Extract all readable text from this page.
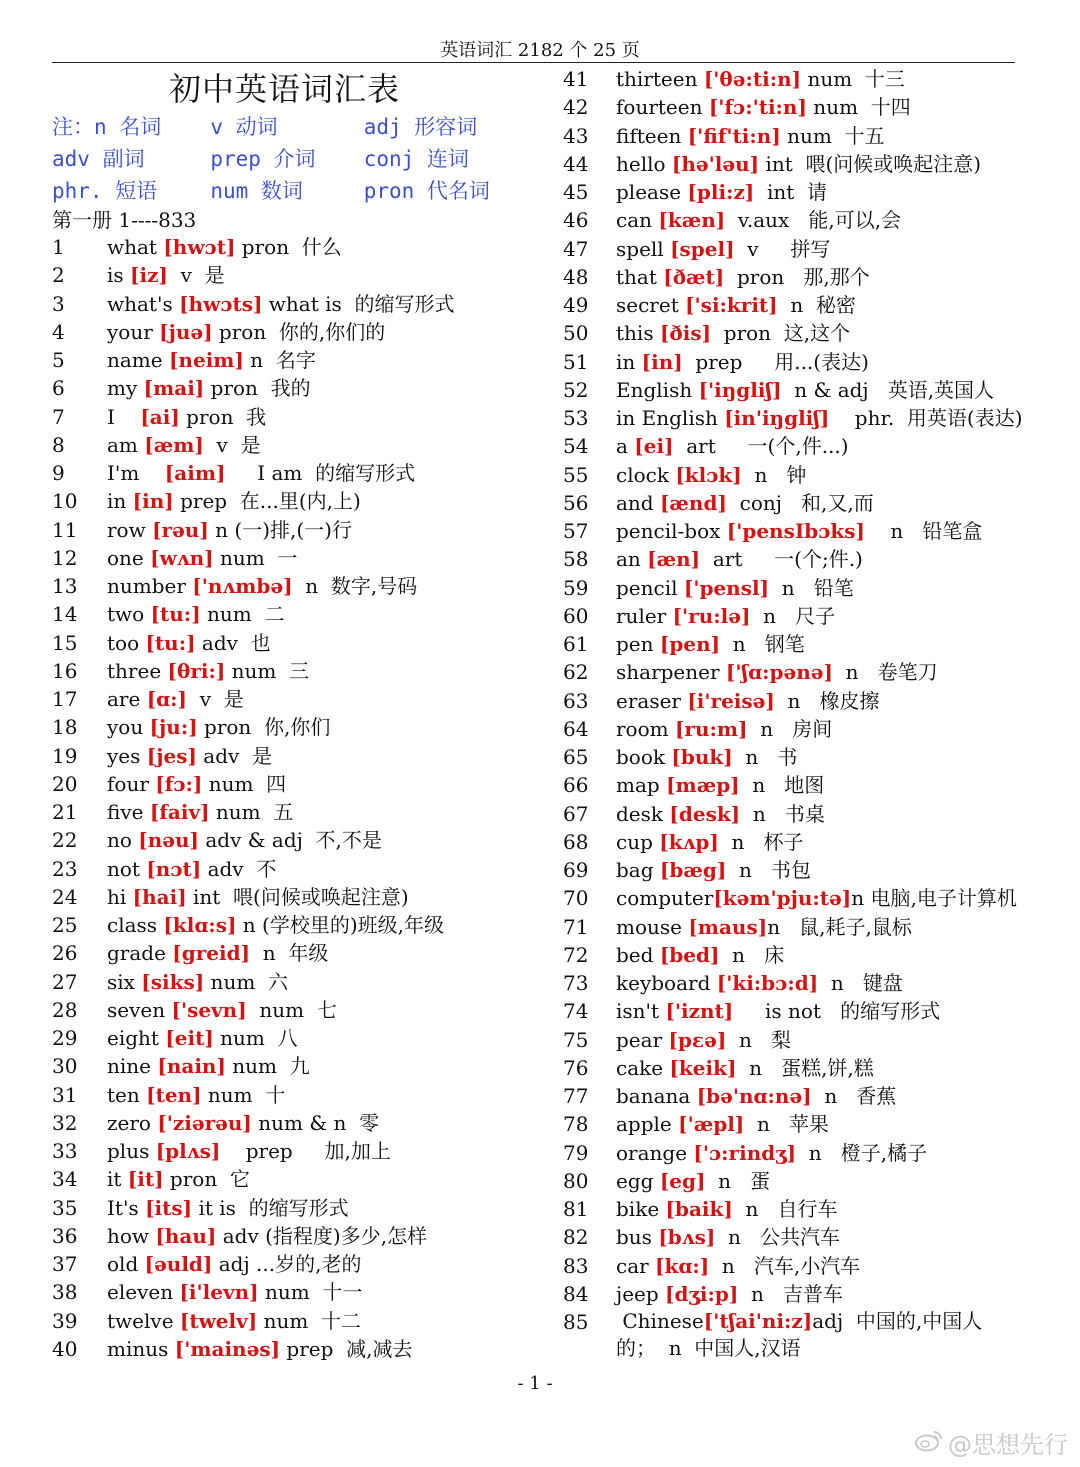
英语词汇 2182 个 25 页
初中英语词汇表
注：n 名词	v 动词	adj 形容词
adv 副词	prep 介词	conj 连词
phr. 短语	num 数词	pron 代名词
第一册 1----833
1	what [hwɔt] pron  什么
2	is [iz]  v  是
3	what's [hwɔts] what is  的缩写形式
4	your [juə] pron  你的,你们的
5	name [neim] n  名字
6	my [mai] pron  我的
7	I    [ai] pron  我
8	am [æm]  v  是
9	I'm    [aim]     I am  的缩写形式
10	in [in] prep  在...里(内,上)
11	row [rəu] n (一)排,(一)行
12	one [wʌn] num  一
13	number ['nʌmbə]  n  数字,号码
14	two [tu:] num  二
15	too [tu:] adv  也
16	three [θri:] num  三
17	are [ɑ:]  v  是
18	you [ju:] pron  你,你们
19	yes [jes] adv  是
20	four [fɔ:] num  四
21	five [faiv] num  五
22	no [nəu] adv & adj  不,不是
23	not [nɔt] adv  不
24	hi [hai] int  喂(问候或唤起注意)
25	class [klɑ:s] n (学校里的)班级,年级
26	grade [greid]  n  年级
27	six [siks] num  六
28	seven ['sevn]  num  七
29	eight [eit] num  八
30	nine [nain] num  九
31	ten [ten] num  十
32	zero ['ziərəu] num & n  零
33	plus [plʌs]    prep     加,加上
34	it [it] pron  它
35	It's [its] it is  的缩写形式
36	how [hau] adv (指程度)多少,怎样
37	old [əuld] adj ...岁的,老的
38	eleven [i'levn] num  十一
39	twelve [twelv] num  十二
40	minus ['mainəs] prep  减,减去
41	thirteen ['θə:ti:n] num  十三
42	fourteen ['fɔ:'ti:n] num  十四
43	fifteen ['fif'ti:n] num  十五
44	hello [hə'ləu] int  喂(问候或唤起注意)
45	please [pli:z]  int  请
46	can [kæn]  v.aux   能,可以,会
47	spell [spel]  v     拼写
48	that [ðæt]  pron   那,那个
49	secret ['si:krit]  n  秘密
50	this [ðis]  pron  这,这个
51	in [in]  prep     用...(表达)
52	English ['iŋgliʃ]  n & adj   英语,英国人
53	in English [in'iŋgliʃ]    phr.  用英语(表达)
54	a [ei]  art     一(个,件...)
55	clock [klɔk]  n   钟
56	and [ænd]  conj   和,又,而
57	pencil-box ['pensIbɔks]    n   铅笔盒
58	an [æn]  art     一(个;件.)
59	pencil ['pensl]  n   铅笔
60	ruler ['ru:lə]  n   尺子
61	pen [pen]  n   钢笔
62	sharpener ['ʃɑ:pənə]  n   卷笔刀
63	eraser [i'reisə]  n   橡皮擦
64	room [ru:m]  n   房间
65	book [buk]  n   书
66	map [mæp]  n   地图
67	desk [desk]  n   书桌
68	cup [kʌp]  n   杯子
69	bag [bæg]  n   书包
70	computer[kəm'pju:tə]n 电脑,电子计算机
71	mouse [maus]n   鼠,耗子,鼠标
72	bed [bed]  n   床
73	keyboard ['ki:bɔ:d]  n   键盘
74	isn't ['iznt]     is not   的缩写形式
75	pear [pɛə]  n   梨
76	cake [keik]  n   蛋糕,饼,糕
77	banana [bə'nɑ:nə]  n   香蕉
78	apple ['æpl]  n   苹果
79	orange ['ɔ:rindʒ]  n   橙子,橘子
80	egg [eg]  n   蛋
81	bike [baik]  n   自行车
82	bus [bʌs]  n   公共汽车
83	car [kɑ:]  n   汽车,小汽车
84	jeep [dʒi:p]  n   吉普车
85	Chinese['tʃai'ni:z]adj  中国的,中国人的；  n  中国人,汉语
- 1 -
@思想先行
